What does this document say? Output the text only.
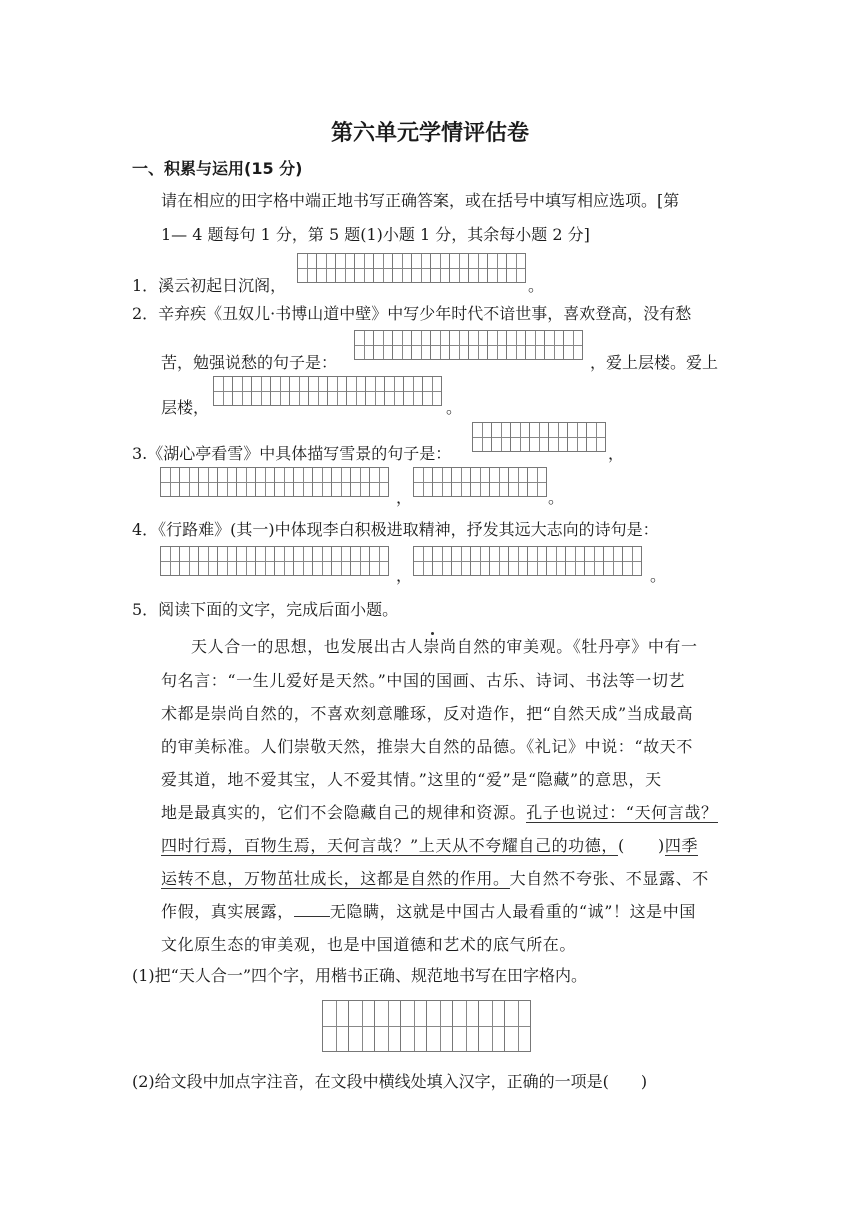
第六单元学情评估卷
一、积累与运用(15 分)
请在相应的田字格中端正地书写正确答案，或在括号中填写相应选项。[第
1— 4 题每句 1 分，第 5 题(1)小题 1 分，其余每小题 2 分]
1．溪云初起日沉阁，	。
2．辛弃疾《丑奴儿·书博山道中壁》中写少年时代不谙世事，喜欢登高，没有愁
苦，勉强说愁的句子是：	，爱上层楼。爱上
层楼，	。
3.《湖心亭看雪》中具体描写雪景的句子是：	，
，	。
4．《行路难》(其一)中体现李白积极进取精神，抒发其远大志向的诗句是：
，	。
5．阅读下面的文字，完成后面小题。
天人合一的思想，也发展出古人崇尚自然的审美观。《牡丹亭》中有一
句名言：“一生儿爱好是天然。”中国的国画、古乐、诗词、书法等一切艺
术都是崇尚自然的，不喜欢刻意雕琢，反对造作，把“自然天成”当成最高
的审美标准。人们崇敬天然，推崇大自然的品德。《礼记》中说：“故天不
爱其道，地不爱其宝，人不爱其情。”这里的“爱”是“隐藏”的意思，天
地是最真实的，它们不会隐藏自己的规律和资源。孔子也说过：“天何言哉？
四时行焉，百物生焉，天何言哉？”上天从不夸耀自己的功德，(　　)四季
运转不息，万物茁壮成长，这都是自然的作用。大自然不夸张、不显露、不
作假，真实展露， 无隐瞒，这就是中国古人最看重的“诚”！这是中国
文化原生态的审美观，也是中国道德和艺术的底气所在。
(1)把“天人合一”四个字，用楷书正确、规范地书写在田字格内。
(2)给文段中加点字注音，在文段中横线处填入汉字，正确的一项是(　　)
